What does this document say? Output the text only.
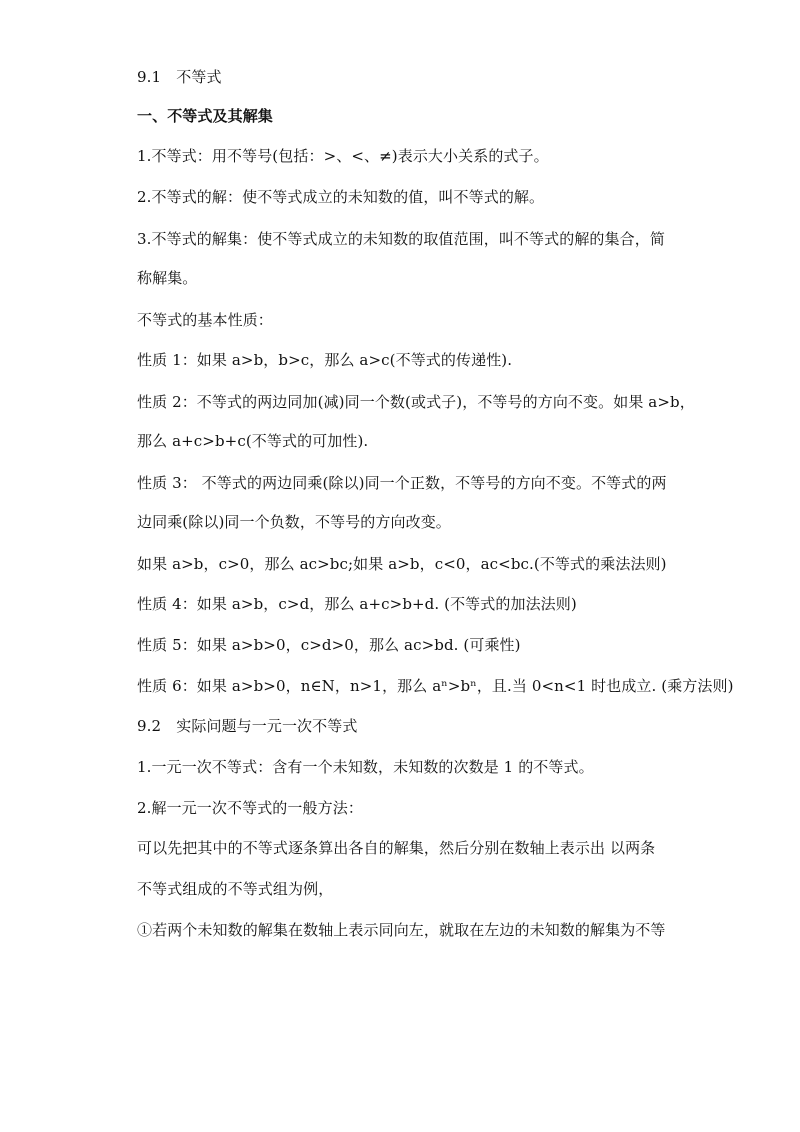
9.1　不等式
一、不等式及其解集
1.不等式：用不等号(包括：>、<、≠)表示大小关系的式子。
2.不等式的解：使不等式成立的未知数的值，叫不等式的解。
3.不等式的解集：使不等式成立的未知数的取值范围，叫不等式的解的集合，简
称解集。
不等式的基本性质：
性质 1：如果 a>b，b>c，那么 a>c(不等式的传递性).
性质 2：不等式的两边同加(减)同一个数(或式子)，不等号的方向不变。如果 a>b，
那么 a+c>b+c(不等式的可加性).
性质 3： 不等式的两边同乘(除以)同一个正数，不等号的方向不变。不等式的两
边同乘(除以)同一个负数，不等号的方向改变。
如果 a>b，c>0，那么 ac>bc;如果 a>b，c<0，ac<bc.(不等式的乘法法则)
性质 4：如果 a>b，c>d，那么 a+c>b+d. (不等式的加法法则)
性质 5：如果 a>b>0，c>d>0，那么 ac>bd. (可乘性)
性质 6：如果 a>b>0，n∈N，n>1，那么 aⁿ>bⁿ，且.当 0<n<1 时也成立. (乘方法则)
9.2　实际问题与一元一次不等式
1.一元一次不等式：含有一个未知数，未知数的次数是 1 的不等式。
2.解一元一次不等式的一般方法：
可以先把其中的不等式逐条算出各自的解集，然后分别在数轴上表示出 以两条
不等式组成的不等式组为例，
①若两个未知数的解集在数轴上表示同向左，就取在左边的未知数的解集为不等
